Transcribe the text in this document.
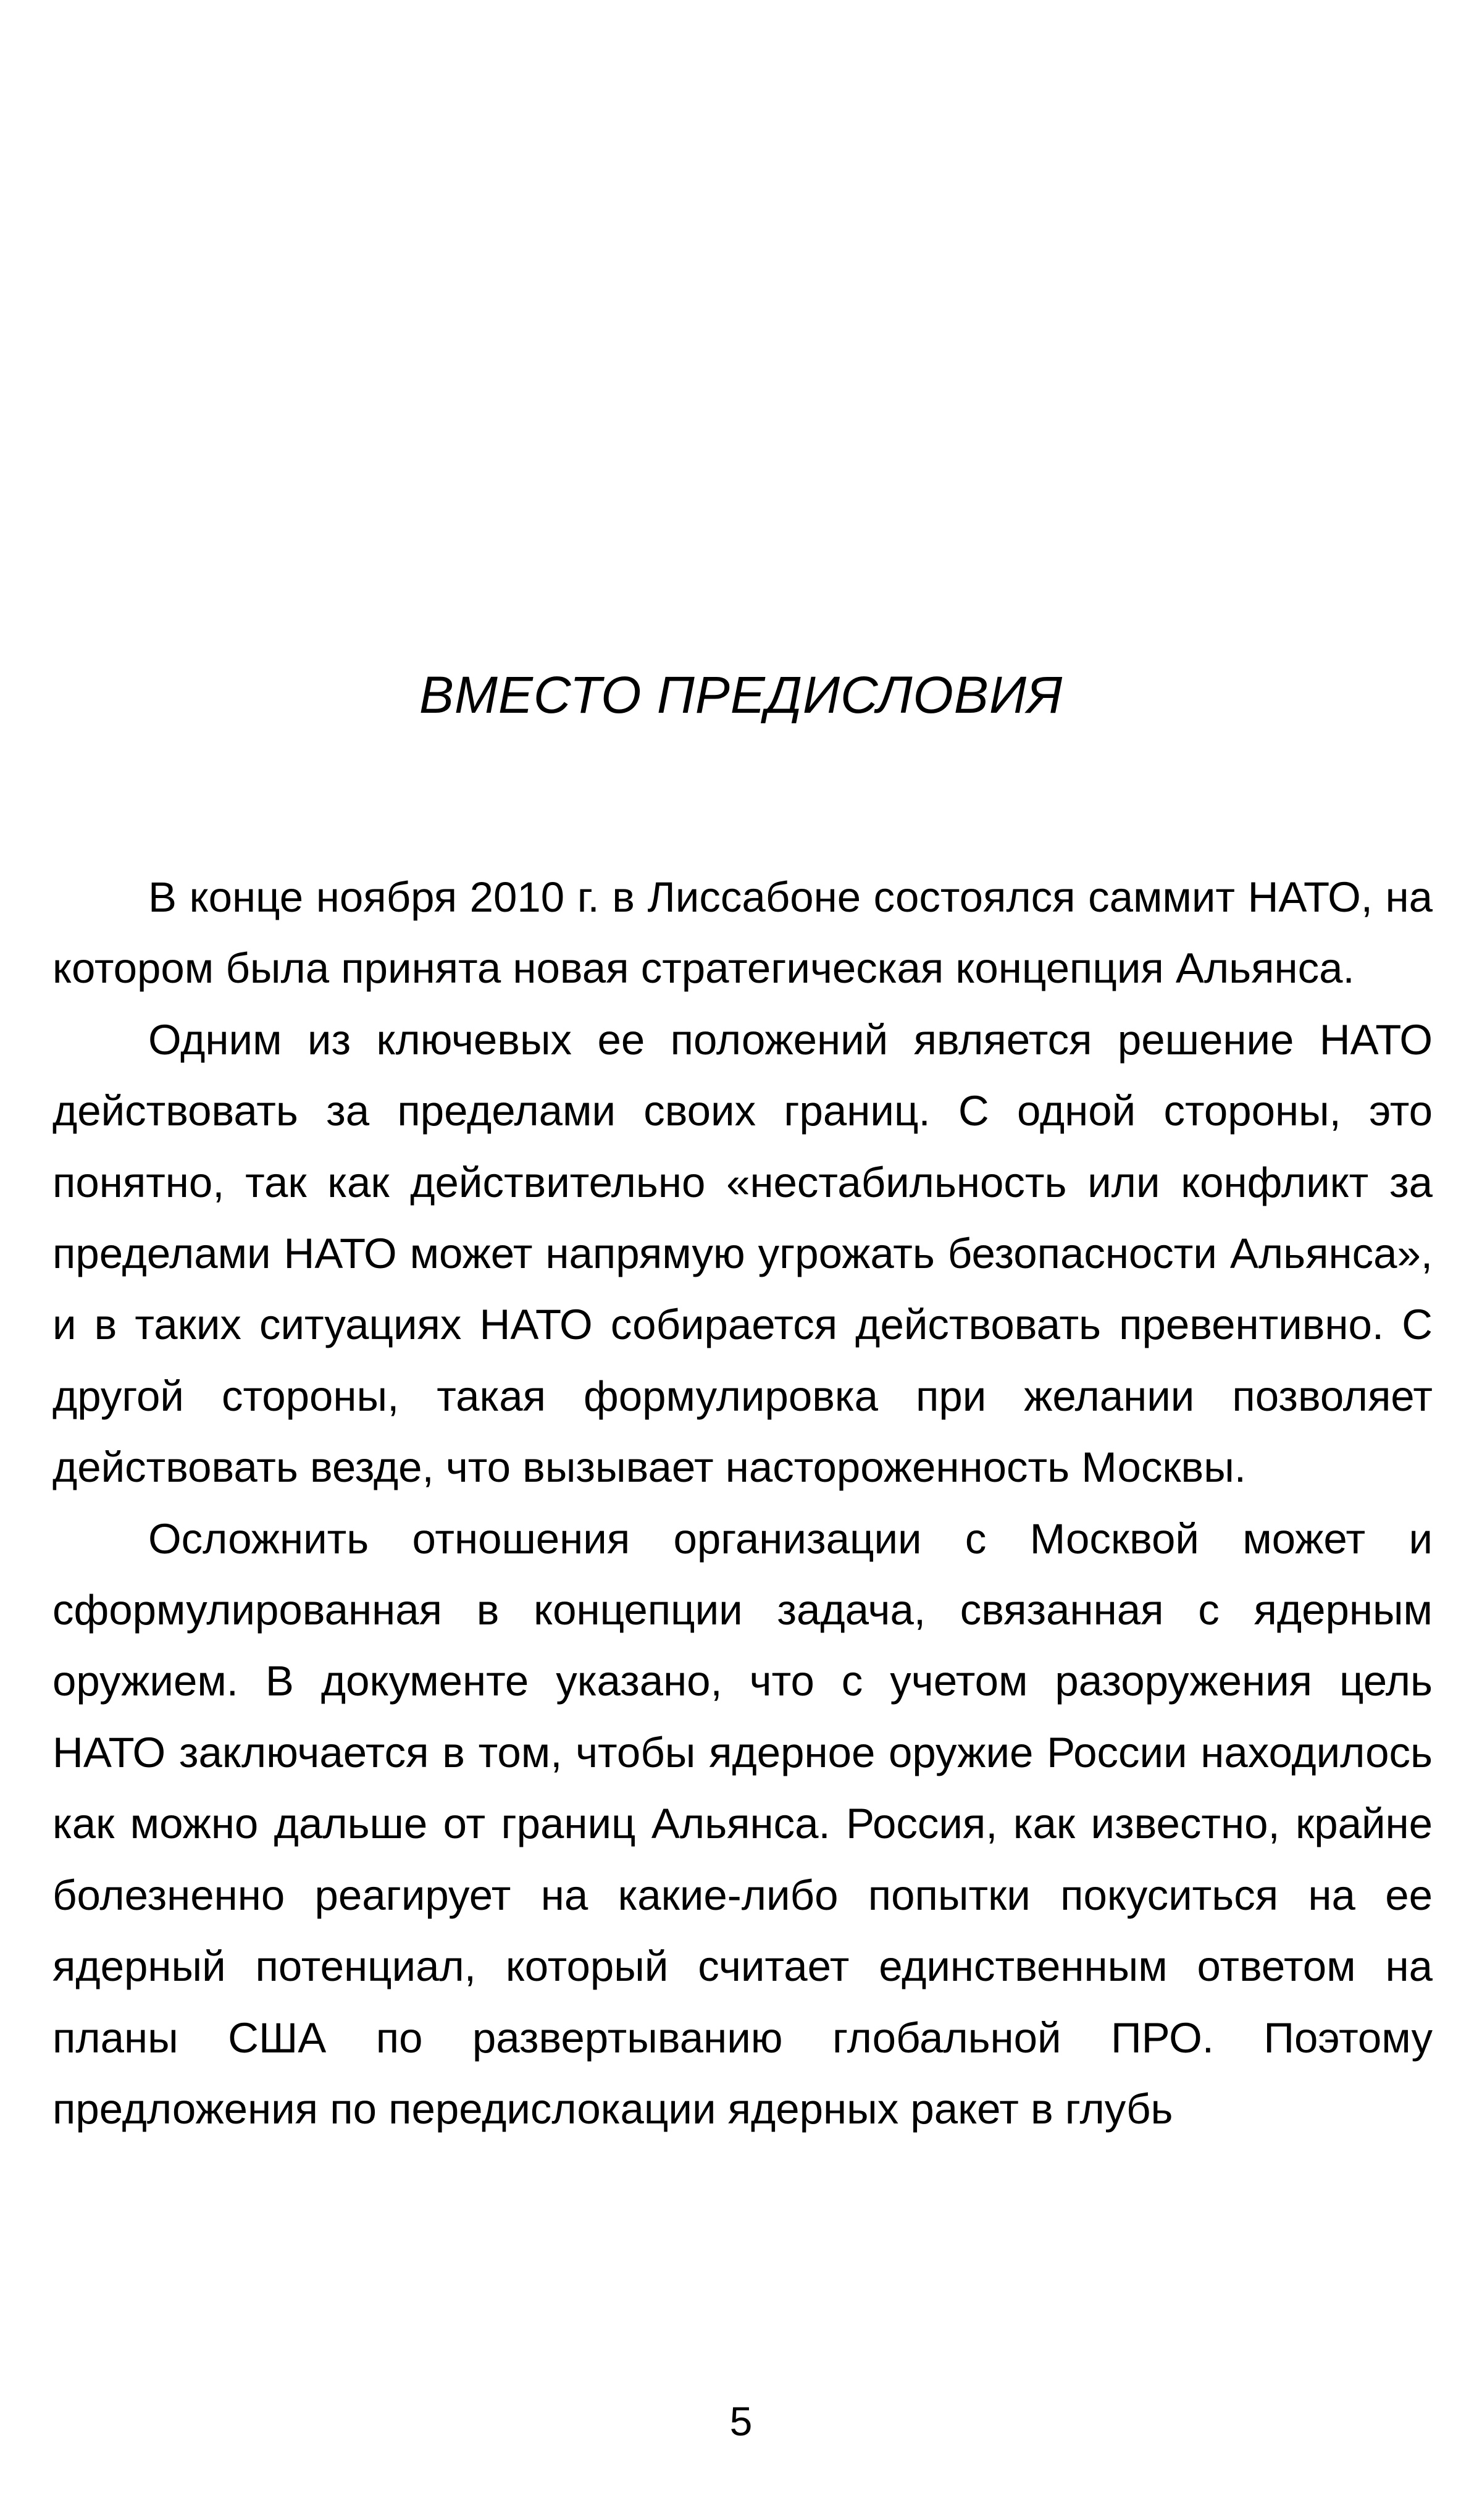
ВМЕСТО ПРЕДИСЛОВИЯ

В конце ноября 2010 г. в Лиссабоне состоялся саммит НАТО, на котором была принята новая стратегическая концепция Альянса.

Одним из ключевых ее положений является решение НАТО действовать за пределами своих границ. С одной стороны, это понятно, так как действительно «нестабильность или конфликт за пределами НАТО может напрямую угрожать безопасности Альянса», и в таких ситуациях НАТО собирается действовать превентивно. С другой стороны, такая формулировка при желании позволяет действовать везде, что вызывает настороженность Москвы.

Осложнить отношения организации с Москвой может и сформулированная в концепции задача, связанная с ядерным оружием. В документе указано, что с учетом разоружения цель НАТО заключается в том, чтобы ядерное оружие России находилось как можно дальше от границ Альянса. Россия, как известно, крайне болезненно реагирует на какие-либо попытки покуситься на ее ядерный потенциал, который считает единственным ответом на планы США по развертыванию глобальной ПРО. Поэтому предложения по передислокации ядерных ракет в глубь

5
